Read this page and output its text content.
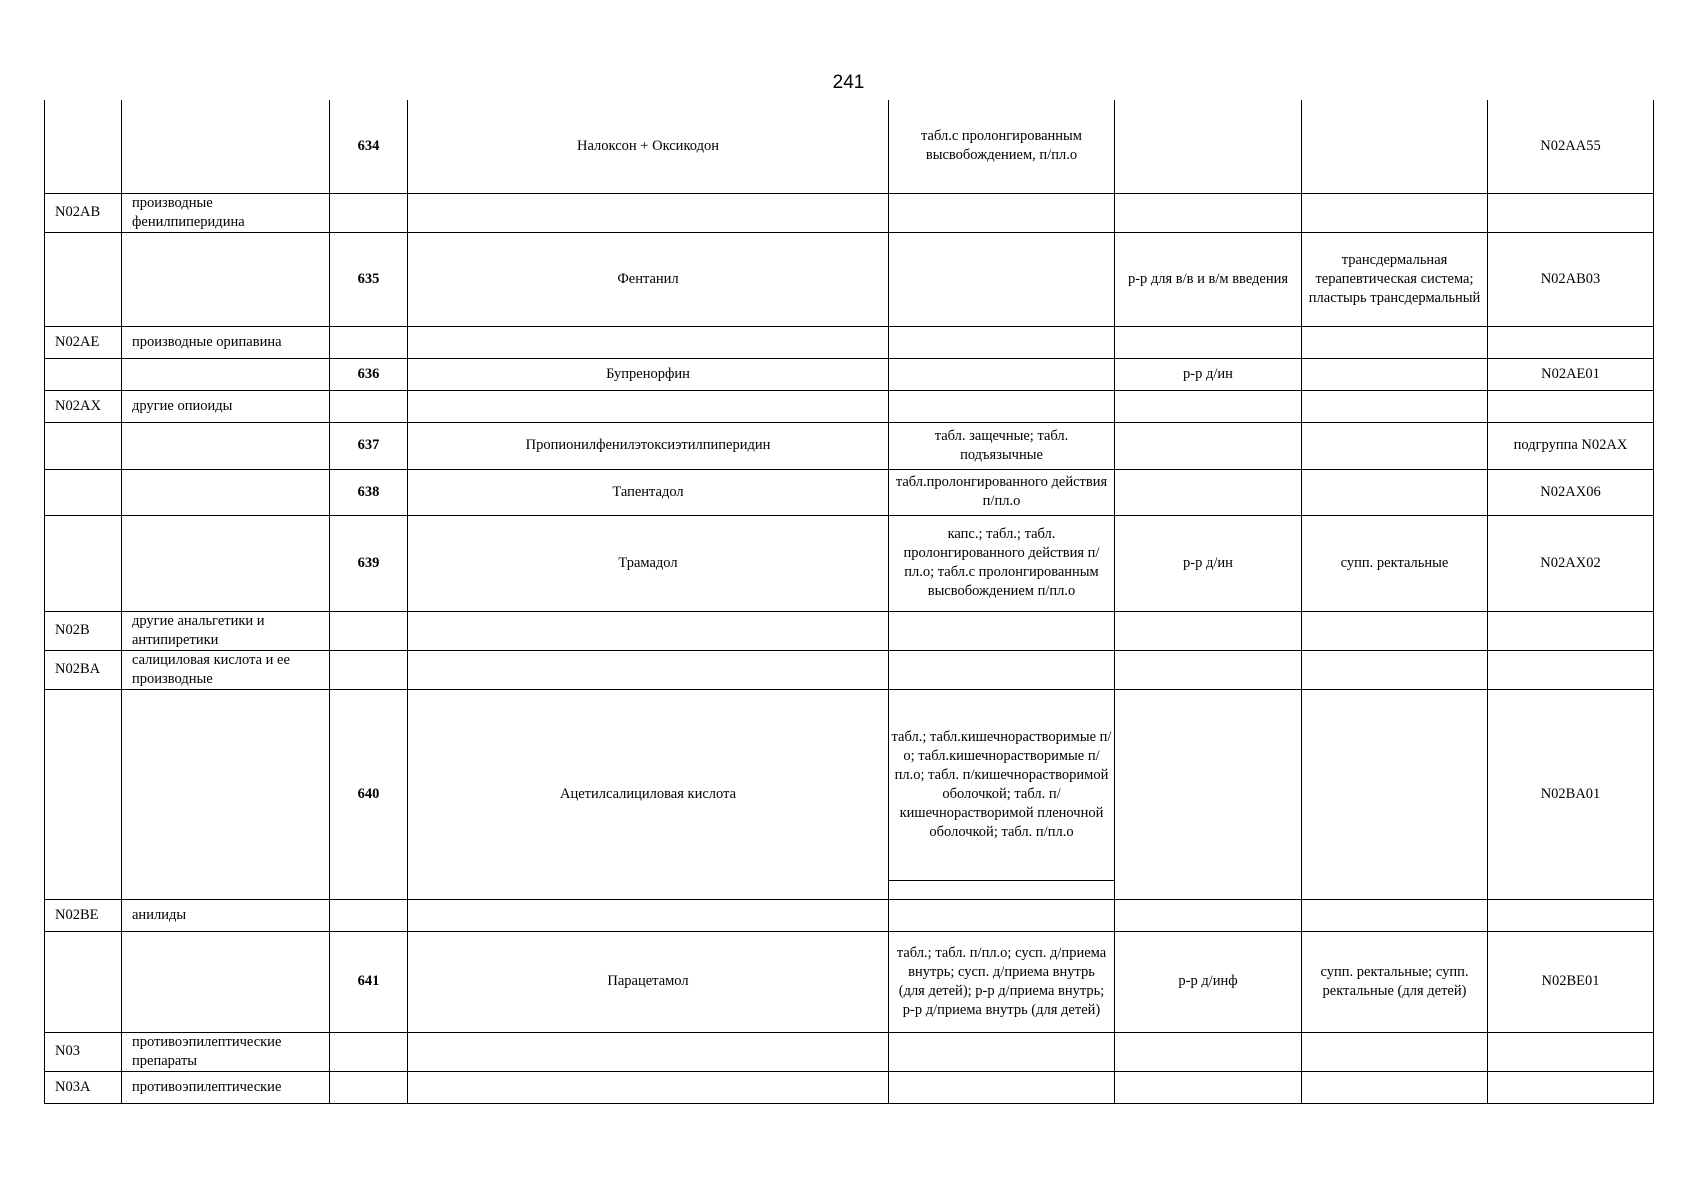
241
		634	Налоксон + Оксикодон	табл.с пролонгированным высвобождением, п/пл.о			N02AA55
N02AB	производные фенилпиперидина						
		635	Фентанил		р-р для в/в и в/м введения	трансдермальная терапевтическая система; пластырь трансдермальный	N02AB03
N02AE	производные орипавина						
		636	Бупренорфин		р-р д/ин		N02AE01
N02AX	другие опиоиды						
		637	Пропионилфенилэтоксиэтилпиперидин	табл. защечные; табл. подъязычные			подгруппа N02AX
		638	Тапентадол	табл.пролонгированного действия п/пл.о			N02AX06
		639	Трамадол	капс.; табл.; табл. пролонгированного действия п/пл.о; табл.с пролонгированным высвобождением п/пл.о	р-р д/ин	супп. ректальные	N02AX02
N02B	другие анальгетики и антипиретики						
N02BA	салициловая кислота и ее производные						
		640	Ацетилсалициловая кислота	табл.; табл.кишечнорастворимые п/о; табл.кишечнорастворимые п/пл.о; табл. п/кишечнорастворимой оболочкой; табл. п/кишечнорастворимой пленочной оболочкой; табл. п/пл.о			N02BA01
N02BE	анилиды						
		641	Парацетамол	табл.; табл. п/пл.о; сусп. д/приема внутрь; сусп. д/приема внутрь (для детей); р-р д/приема внутрь; р-р д/приема внутрь (для детей)	р-р д/инф	супп. ректальные; супп. ректальные (для детей)	N02BE01
N03	противоэпилептические препараты						
N03A	противоэпилептические						
